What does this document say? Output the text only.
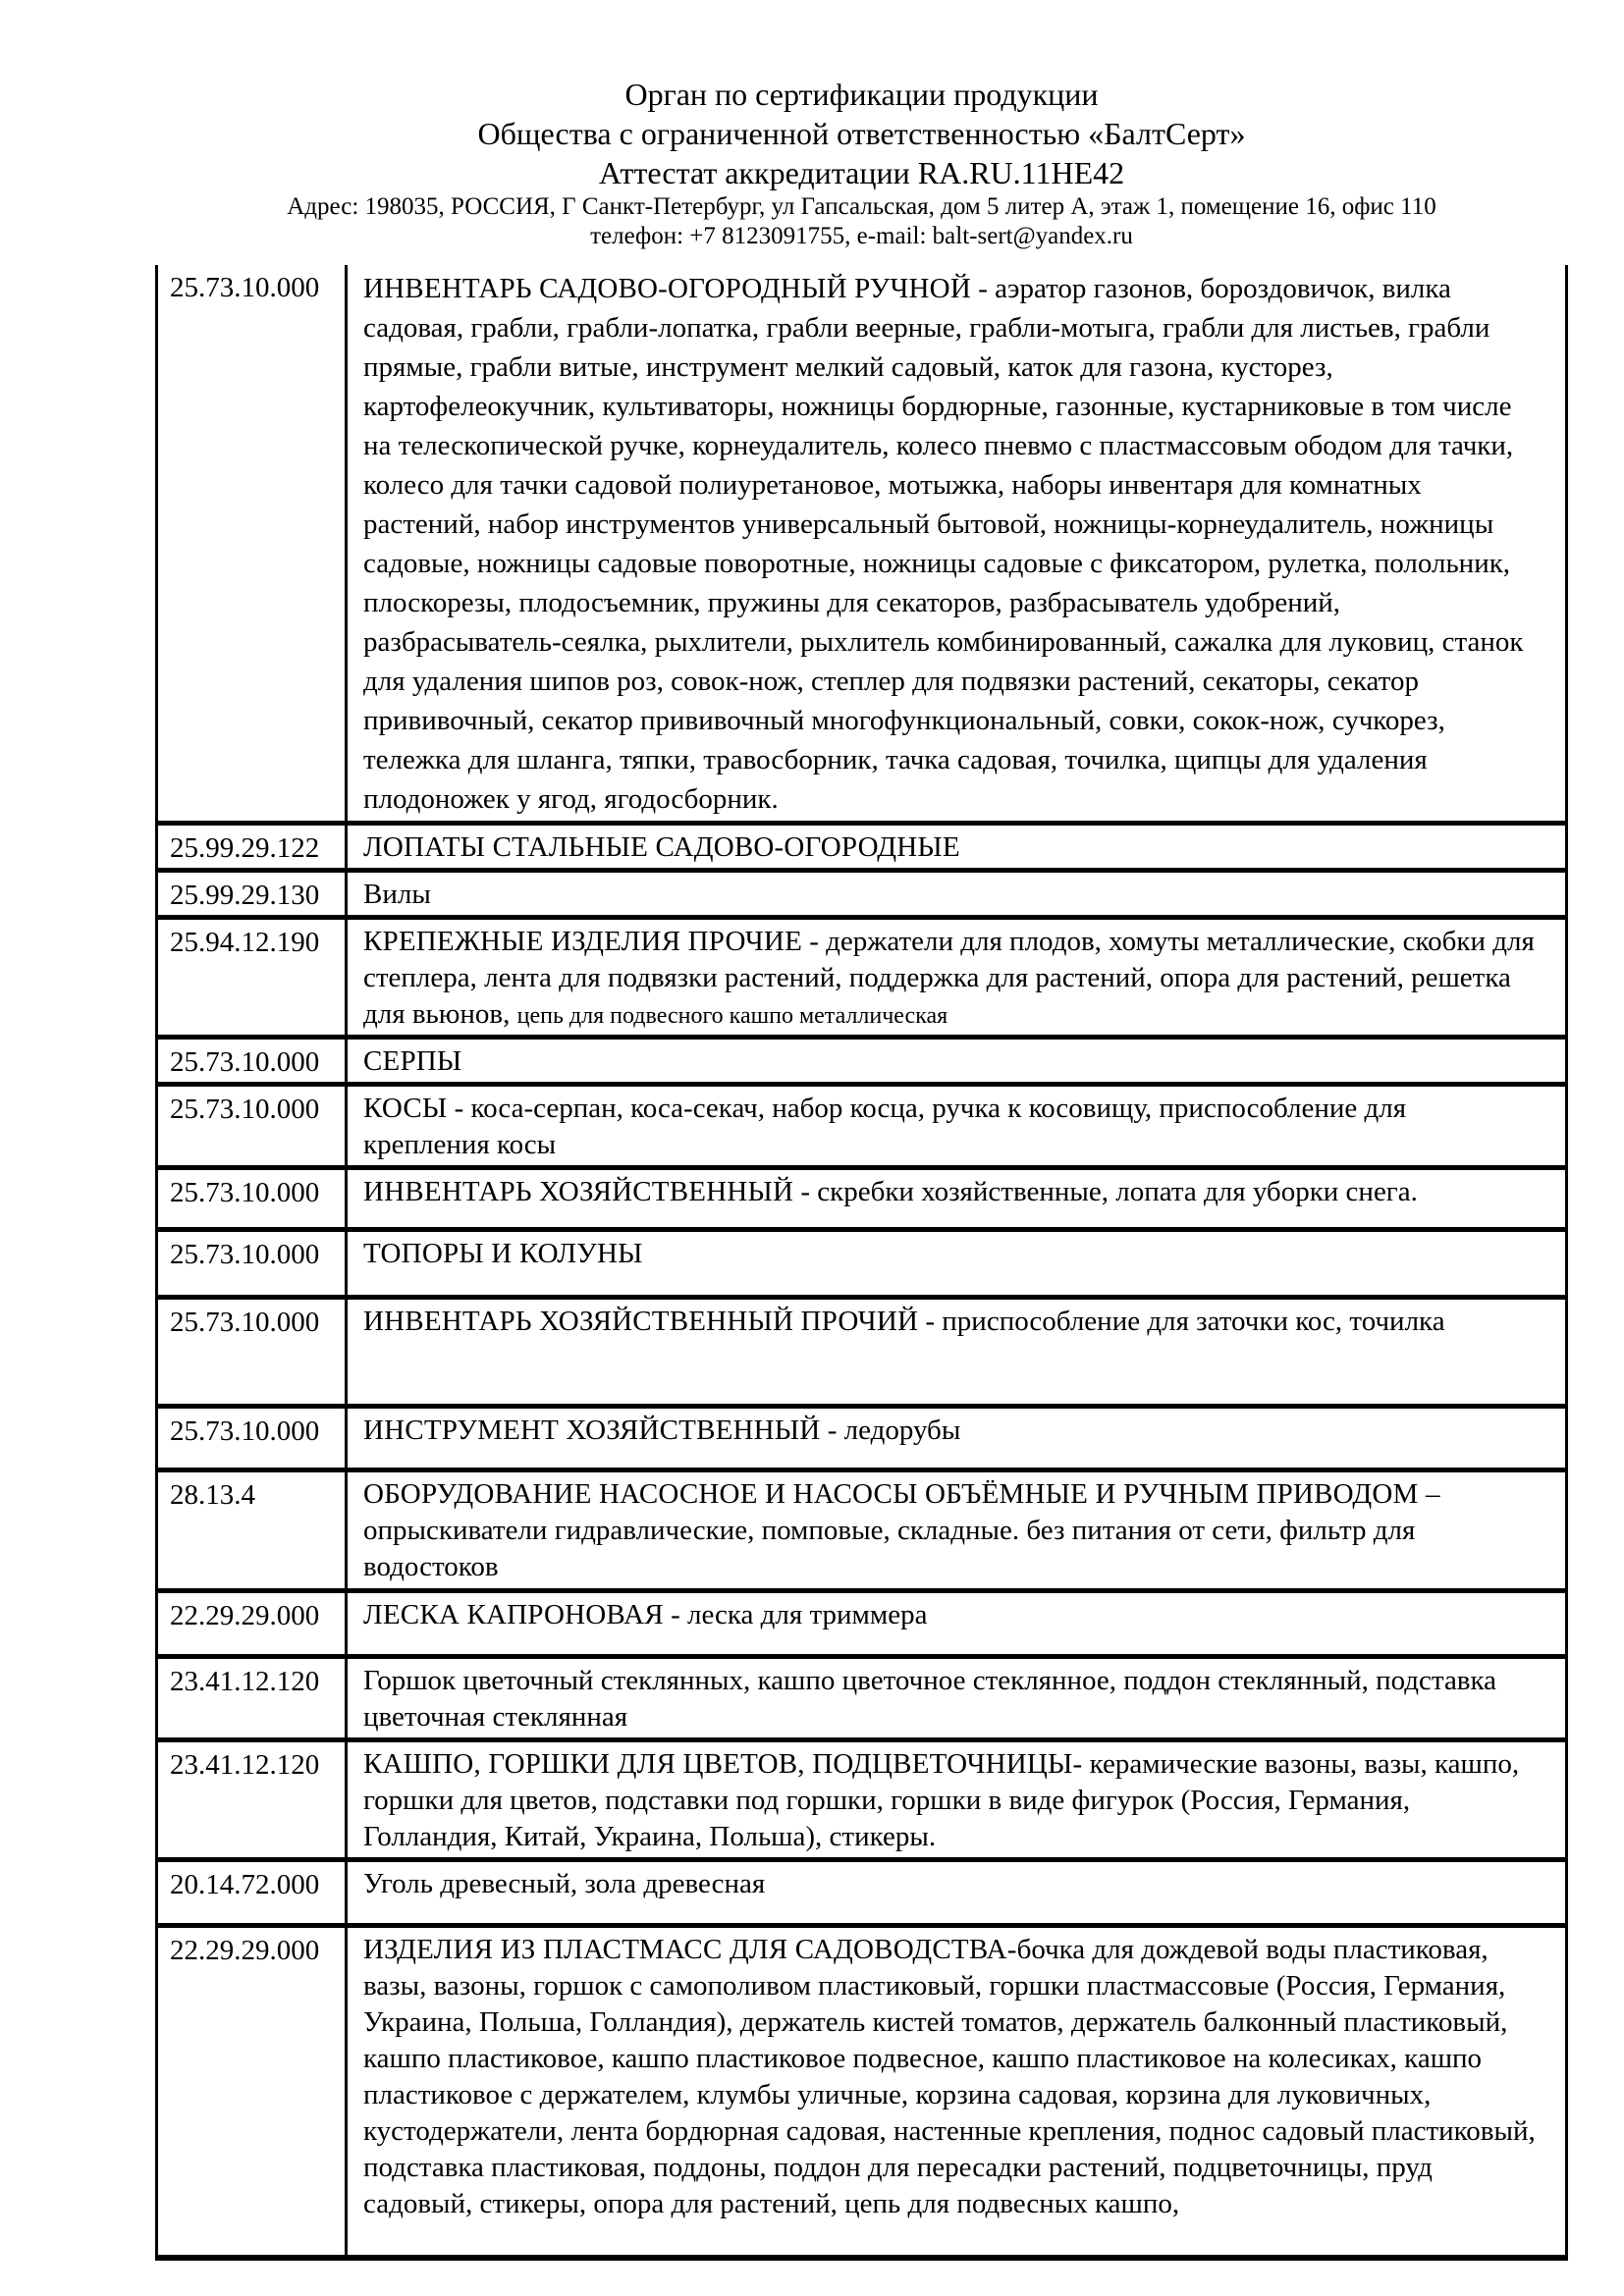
Орган по сертификации продукции
Общества с ограниченной ответственностью «БалтСерт»
Аттестат аккредитации RA.RU.11HE42
Адрес: 198035, РОССИЯ, Г Санкт-Петербург, ул Гапсальская, дом 5 литер А, этаж 1, помещение 16, офис 110
телефон: +7 8123091755, e-mail: balt-sert@yandex.ru
25.73.10.000	ИНВЕНТАРЬ САДОВО-ОГОРОДНЫЙ РУЧНОЙ - аэратор газонов, бороздовичок, вилка садовая, грабли, грабли-лопатка, грабли веерные, грабли-мотыга, грабли для листьев, грабли прямые, грабли витые, инструмент мелкий садовый, каток для газона, кусторез, картофелеокучник, культиваторы, ножницы бордюрные, газонные, кустарниковые в том числе на телескопической ручке, корнеудалитель, колесо пневмо с пластмассовым ободом для тачки, колесо для тачки садовой полиуретановое, мотыжка, наборы инвентаря для комнатных растений, набор инструментов универсальный бытовой, ножницы-корнеудалитель, ножницы садовые, ножницы садовые поворотные, ножницы садовые с фиксатором, рулетка, полольник, плоскорезы, плодосъемник, пружины для секаторов, разбрасыватель удобрений, разбрасыватель-сеялка, рыхлители, рыхлитель комбинированный, сажалка для луковиц, станок для удаления шипов роз, совок-нож, степлер для подвязки растений, секаторы, секатор прививочный, секатор прививочный многофункциональный, совки, сокок-нож, сучкорез, тележка для шланга, тяпки, травосборник, тачка садовая, точилка, щипцы для удаления плодоножек у ягод, ягодосборник.
25.99.29.122	ЛОПАТЫ СТАЛЬНЫЕ САДОВО-ОГОРОДНЫЕ
25.99.29.130	Вилы
25.94.12.190	КРЕПЕЖНЫЕ ИЗДЕЛИЯ ПРОЧИЕ - держатели для плодов, хомуты металлические, скобки для степлера, лента для подвязки растений, поддержка для растений, опора для растений, решетка для вьюнов, цепь для подвесного кашпо металлическая
25.73.10.000	СЕРПЫ
25.73.10.000	КОСЫ - коса-серпан, коса-секач, набор косца, ручка к косовищу, приспособление для крепления косы
25.73.10.000	ИНВЕНТАРЬ ХОЗЯЙСТВЕННЫЙ - скребки хозяйственные, лопата для уборки снега.
25.73.10.000	ТОПОРЫ И КОЛУНЫ
25.73.10.000	ИНВЕНТАРЬ ХОЗЯЙСТВЕННЫЙ ПРОЧИЙ - приспособление для заточки кос, точилка
25.73.10.000	ИНСТРУМЕНТ ХОЗЯЙСТВЕННЫЙ - ледорубы
28.13.4	ОБОРУДОВАНИЕ НАСОСНОЕ И НАСОСЫ ОБЪЁМНЫЕ И РУЧНЫМ ПРИВОДОМ – опрыскиватели гидравлические, помповые, складные. без питания от сети, фильтр для водостоков
22.29.29.000	ЛЕСКА КАПРОНОВАЯ - леска для триммера
23.41.12.120	Горшок цветочный стеклянных, кашпо цветочное стеклянное, поддон стеклянный, подставка цветочная стеклянная
23.41.12.120	КАШПО, ГОРШКИ ДЛЯ ЦВЕТОВ, ПОДЦВЕТОЧНИЦЫ- керамические вазоны, вазы, кашпо, горшки для цветов, подставки под горшки, горшки в виде фигурок (Россия, Германия, Голландия, Китай, Украина, Польша), стикеры.
20.14.72.000	Уголь древесный, зола древесная
22.29.29.000	ИЗДЕЛИЯ ИЗ ПЛАСТМАСС ДЛЯ САДОВОДСТВА-бочка для дождевой воды пластиковая, вазы, вазоны, горшок с самополивом пластиковый, горшки пластмассовые (Россия, Германия, Украина, Польша, Голландия), держатель кистей томатов, держатель балконный пластиковый, кашпо пластиковое, кашпо пластиковое подвесное, кашпо пластиковое на колесиках, кашпо пластиковое с держателем, клумбы уличные, корзина садовая, корзина для луковичных, кустодержатели, лента бордюрная садовая, настенные крепления, поднос садовый пластиковый, подставка пластиковая, поддоны, поддон для пересадки растений, подцветочницы, пруд садовый, стикеры, опора для растений, цепь для подвесных кашпо,
